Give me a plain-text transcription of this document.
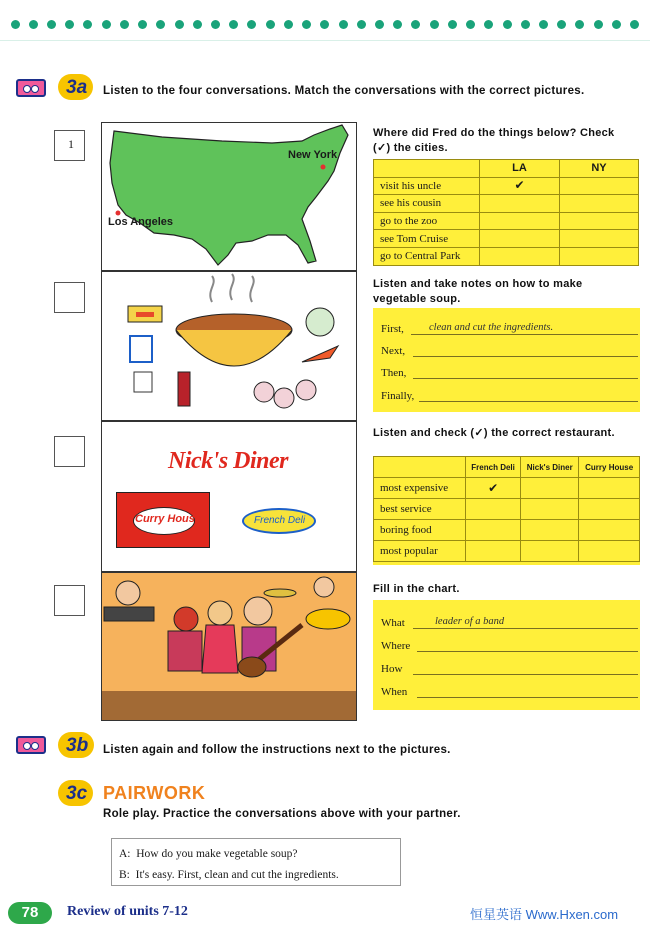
3a	Listen to the four conversations. Match the conversations with the correct pictures.
1
New York
Los Angeles
Nick's Diner
Curry House	French Deli
Where did Fred do the things below? Check (✓) the cities.
	LA	NY
visit his uncle	✔	
see his cousin		
go to the zoo		
see Tom Cruise		
go to Central Park		
Listen and take notes on how to make vegetable soup.
First, clean and cut the ingredients.
Next,
Then,
Finally,
Listen and check (✓) the correct restaurant.
	French Deli	Nick's Diner	Curry House
most expensive	✔		
best service			
boring food			
most popular			
Fill in the chart.
What	leader of a band
Where
How
When
3b	Listen again and follow the instructions next to the pictures.
3c PAIRWORK
Role play. Practice the conversations above with your partner.
A: How do you make vegetable soup?
B: It's easy. First, clean and cut the ingredients.
78	Review of units 7-12	恒星英语 Www.Hxen.com
